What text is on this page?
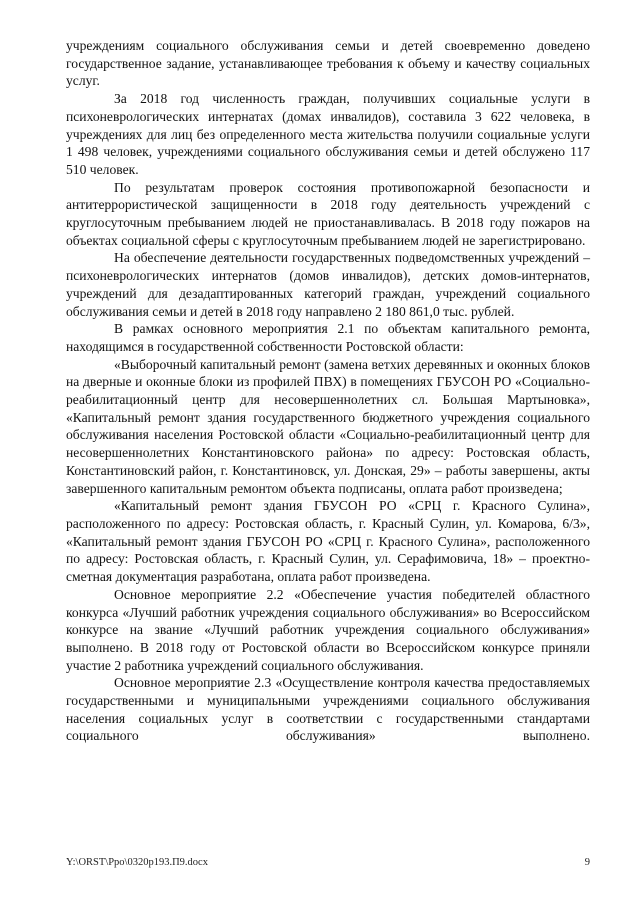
учреждениям социального обслуживания семьи и детей своевременно доведено государственное задание, устанавливающее требования к объему и качеству социальных услуг.

За 2018 год численность граждан, получивших социальные услуги в психоневрологических интернатах (домах инвалидов), составила 3 622 человека, в учреждениях для лиц без определенного места жительства получили социальные услуги 1 498 человек, учреждениями социального обслуживания семьи и детей обслужено 117 510 человек.

По результатам проверок состояния противопожарной безопасности и антитеррористической защищенности в 2018 году деятельность учреждений с круглосуточным пребыванием людей не приостанавливалась. В 2018 году пожаров на объектах социальной сферы с круглосуточным пребыванием людей не зарегистрировано.

На обеспечение деятельности государственных подведомственных учреждений – психоневрологических интернатов (домов инвалидов), детских домов-интернатов, учреждений для дезадаптированных категорий граждан, учреждений социального обслуживания семьи и детей в 2018 году направлено 2 180 861,0 тыс. рублей.

В рамках основного мероприятия 2.1 по объектам капитального ремонта, находящимся в государственной собственности Ростовской области:

«Выборочный капитальный ремонт (замена ветхих деревянных и оконных блоков на дверные и оконные блоки из профилей ПВХ) в помещениях ГБУСОН РО «Социально-реабилитационный центр для несовершеннолетних сл. Большая Мартыновка», «Капитальный ремонт здания государственного бюджетного учреждения социального обслуживания населения Ростовской области «Социально-реабилитационный центр для несовершеннолетних Константиновского района» по адресу: Ростовская область, Константиновский район, г. Константиновск, ул. Донская, 29» – работы завершены, акты завершенного капитальным ремонтом объекта подписаны, оплата работ произведена;

«Капитальный ремонт здания ГБУСОН РО «СРЦ г. Красного Сулина», расположенного по адресу: Ростовская область, г. Красный Сулин, ул. Комарова, 6/3», «Капитальный ремонт здания ГБУСОН РО «СРЦ г. Красного Сулина», расположенного по адресу: Ростовская область, г. Красный Сулин, ул. Серафимовича, 18» – проектно-сметная документация разработана, оплата работ произведена.

Основное мероприятие 2.2 «Обеспечение участия победителей областного конкурса «Лучший работник учреждения социального обслуживания» во Всероссийском конкурсе на звание «Лучший работник учреждения социального обслуживания» выполнено. В 2018 году от Ростовской области во Всероссийском конкурсе приняли участие 2 работника учреждений социального обслуживания.

Основное мероприятие 2.3 «Осуществление контроля качества предоставляемых государственными и муниципальными учреждениями социального обслуживания населения социальных услуг в соответствии с государственными стандартами социального обслуживания» выполнено.

Y:\ORST\Ppo\0320p193.П9.docx	9
